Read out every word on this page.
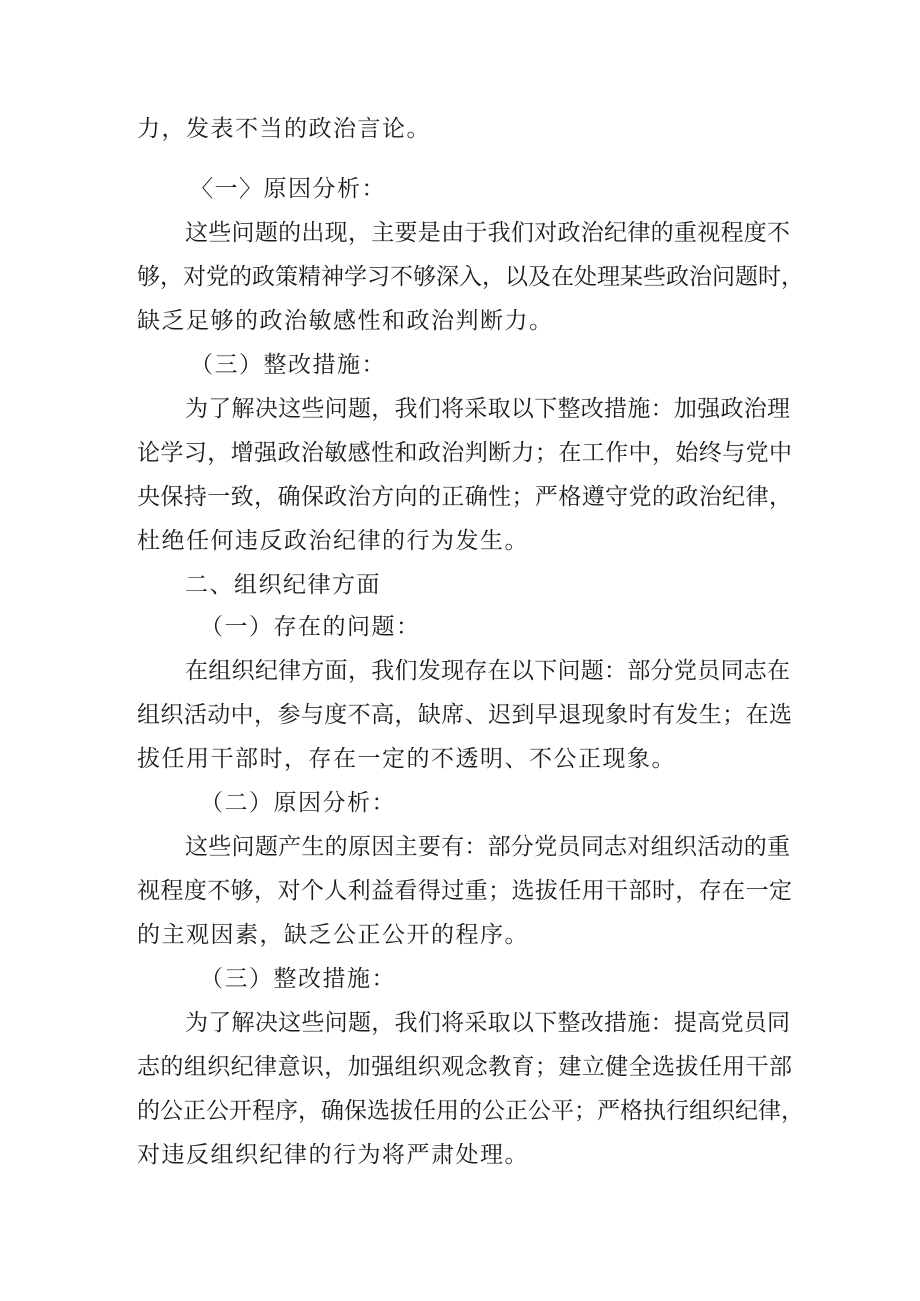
力，发表不当的政治言论。
〈一〉原因分析：
这些问题的出现，主要是由于我们对政治纪律的重视程度不
够，对党的政策精神学习不够深入，以及在处理某些政治问题时，
缺乏足够的政治敏感性和政治判断力。
（三）整改措施：
为了解决这些问题，我们将采取以下整改措施：加强政治理
论学习，增强政治敏感性和政治判断力；在工作中，始终与党中
央保持一致，确保政治方向的正确性；严格遵守党的政治纪律，
杜绝任何违反政治纪律的行为发生。
二、组织纪律方面
（一）存在的问题：
在组织纪律方面，我们发现存在以下问题：部分党员同志在
组织活动中，参与度不高，缺席、迟到早退现象时有发生；在选
拔任用干部时，存在一定的不透明、不公正现象。
（二）原因分析：
这些问题产生的原因主要有：部分党员同志对组织活动的重
视程度不够，对个人利益看得过重；选拔任用干部时，存在一定
的主观因素，缺乏公正公开的程序。
（三）整改措施：
为了解决这些问题，我们将采取以下整改措施：提高党员同
志的组织纪律意识，加强组织观念教育；建立健全选拔任用干部
的公正公开程序，确保选拔任用的公正公平；严格执行组织纪律，
对违反组织纪律的行为将严肃处理。
